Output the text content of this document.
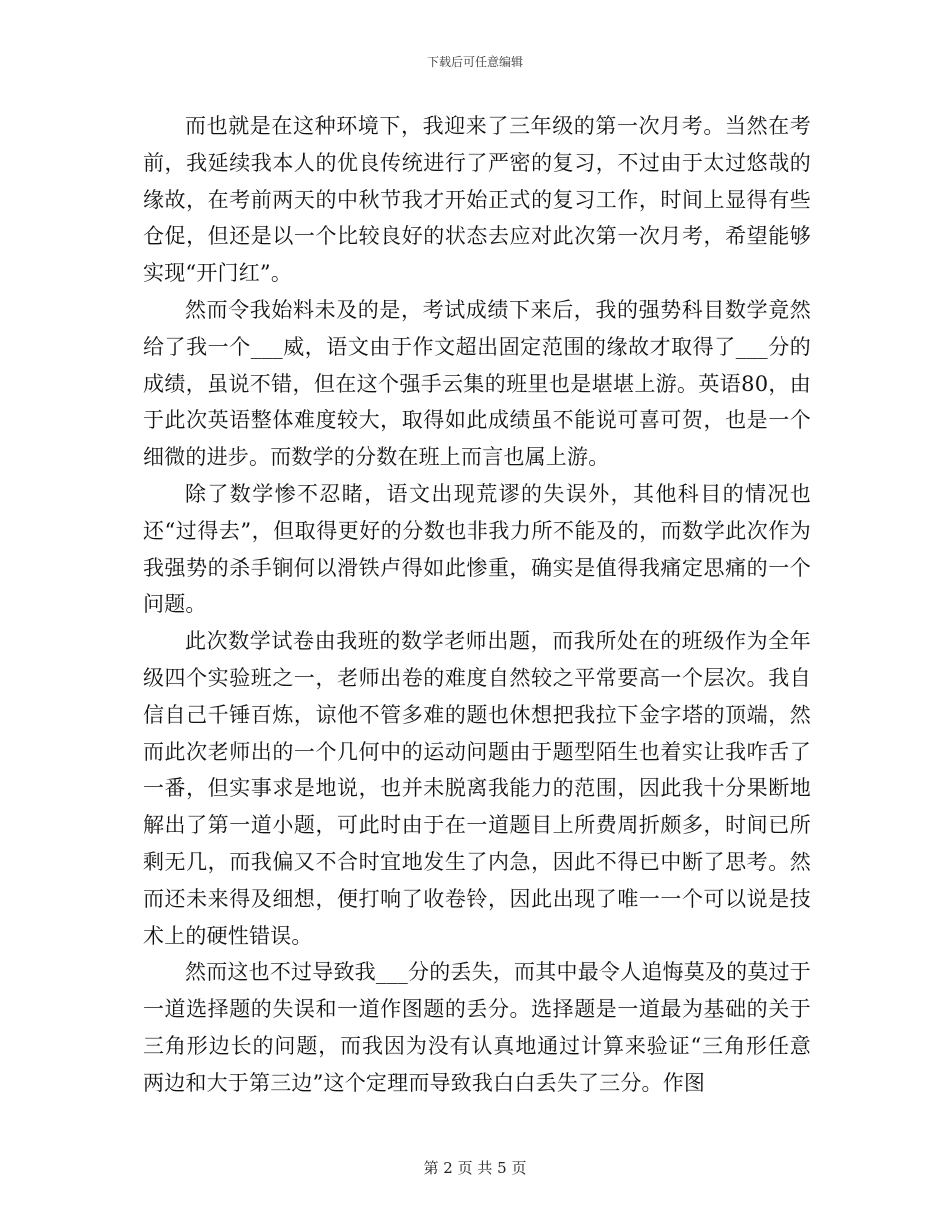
下载后可任意编辑

而也就是在这种环境下，我迎来了三年级的第一次月考。当然在考前，我延续我本人的优良传统进行了严密的复习，不过由于太过悠哉的缘故，在考前两天的中秋节我才开始正式的复习工作，时间上显得有些仓促，但还是以一个比较良好的状态去应对此次第一次月考，希望能够实现“开门红”。

然而令我始料未及的是，考试成绩下来后，我的强势科目数学竟然给了我一个___威，语文由于作文超出固定范围的缘故才取得了___分的成绩，虽说不错，但在这个强手云集的班里也是堪堪上游。英语80，由于此次英语整体难度较大，取得如此成绩虽不能说可喜可贺，也是一个细微的进步。而数学的分数在班上而言也属上游。

除了数学惨不忍睹，语文出现荒谬的失误外，其他科目的情况也还“过得去”，但取得更好的分数也非我力所不能及的，而数学此次作为我强势的杀手锏何以滑铁卢得如此惨重，确实是值得我痛定思痛的一个问题。

此次数学试卷由我班的数学老师出题，而我所处在的班级作为全年级四个实验班之一，老师出卷的难度自然较之平常要高一个层次。我自信自己千锤百炼，谅他不管多难的题也休想把我拉下金字塔的顶端，然而此次老师出的一个几何中的运动问题由于题型陌生也着实让我咋舌了一番，但实事求是地说，也并未脱离我能力的范围，因此我十分果断地解出了第一道小题，可此时由于在一道题目上所费周折颇多，时间已所剩无几，而我偏又不合时宜地发生了内急，因此不得已中断了思考。然而还未来得及细想，便打响了收卷铃，因此出现了唯一一个可以说是技术上的硬性错误。

然而这也不过导致我___分的丢失，而其中最令人追悔莫及的莫过于一道选择题的失误和一道作图题的丢分。选择题是一道最为基础的关于三角形边长的问题，而我因为没有认真地通过计算来验证“三角形任意两边和大于第三边”这个定理而导致我白白丢失了三分。作图

第 2 页 共 5 页
